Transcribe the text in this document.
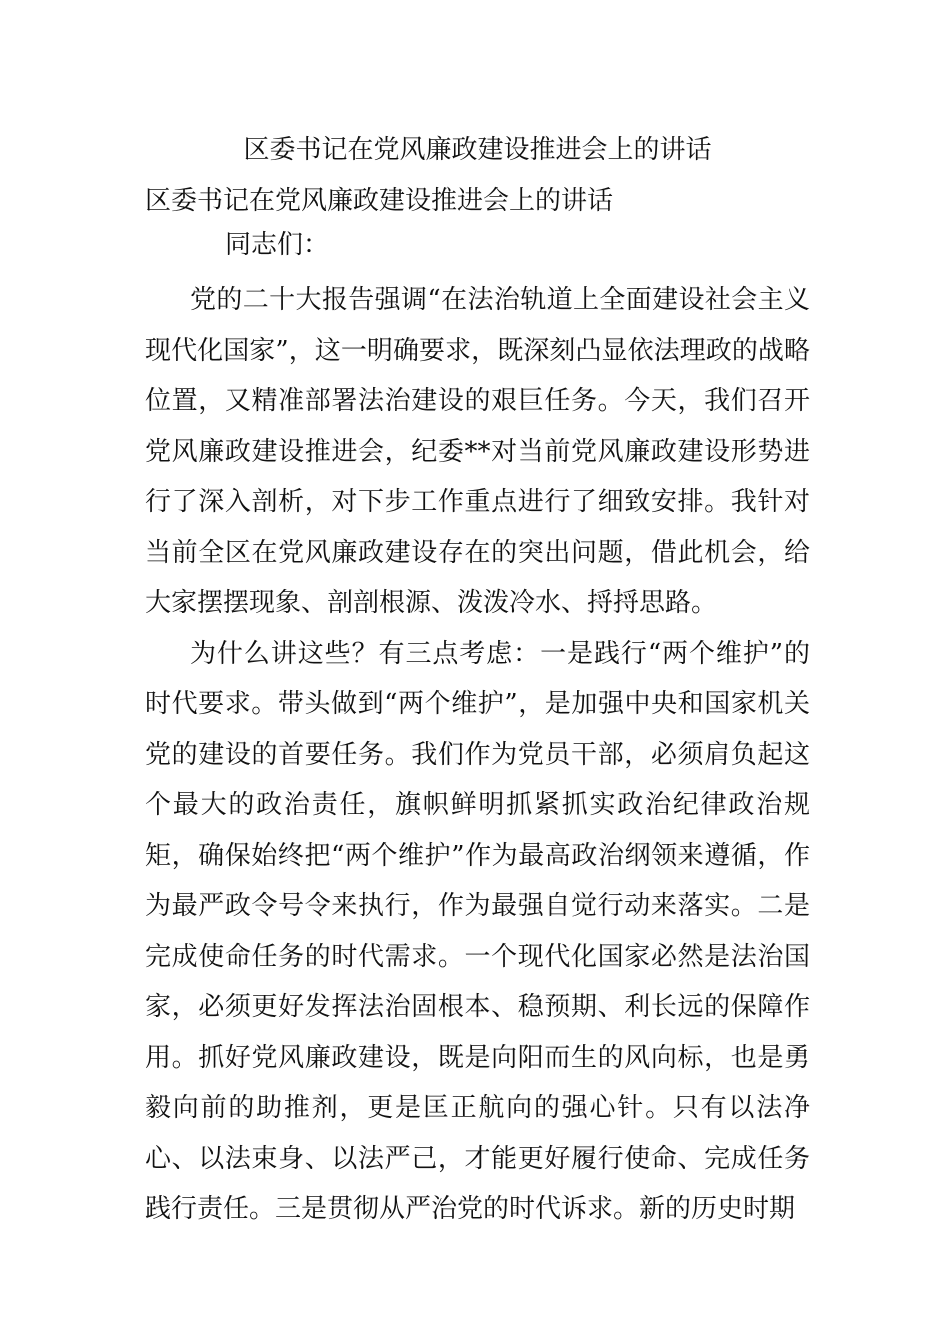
区委书记在党风廉政建设推进会上的讲话
区委书记在党风廉政建设推进会上的讲话

同志们：

党的二十大报告强调“在法治轨道上全面建设社会主义现代化国家”，这一明确要求，既深刻凸显依法理政的战略位置，又精准部署法治建设的艰巨任务。今天，我们召开党风廉政建设推进会，纪委**对当前党风廉政建设形势进行了深入剖析，对下步工作重点进行了细致安排。我针对当前全区在党风廉政建设存在的突出问题，借此机会，给大家摆摆现象、剖剖根源、泼泼冷水、捋捋思路。

为什么讲这些？有三点考虑：一是践行“两个维护”的时代要求。带头做到“两个维护”，是加强中央和国家机关党的建设的首要任务。我们作为党员干部，必须肩负起这个最大的政治责任，旗帜鲜明抓紧抓实政治纪律政治规矩，确保始终把“两个维护”作为最高政治纲领来遵循，作为最严政令号令来执行，作为最强自觉行动来落实。二是完成使命任务的时代需求。一个现代化国家必然是法治国家，必须更好发挥法治固根本、稳预期、利长远的保障作用。抓好党风廉政建设，既是向阳而生的风向标，也是勇毅向前的助推剂，更是匡正航向的强心针。只有以法净心、以法束身、以法严己，才能更好履行使命、完成任务践行责任。三是贯彻从严治党的时代诉求。新的历史时期
